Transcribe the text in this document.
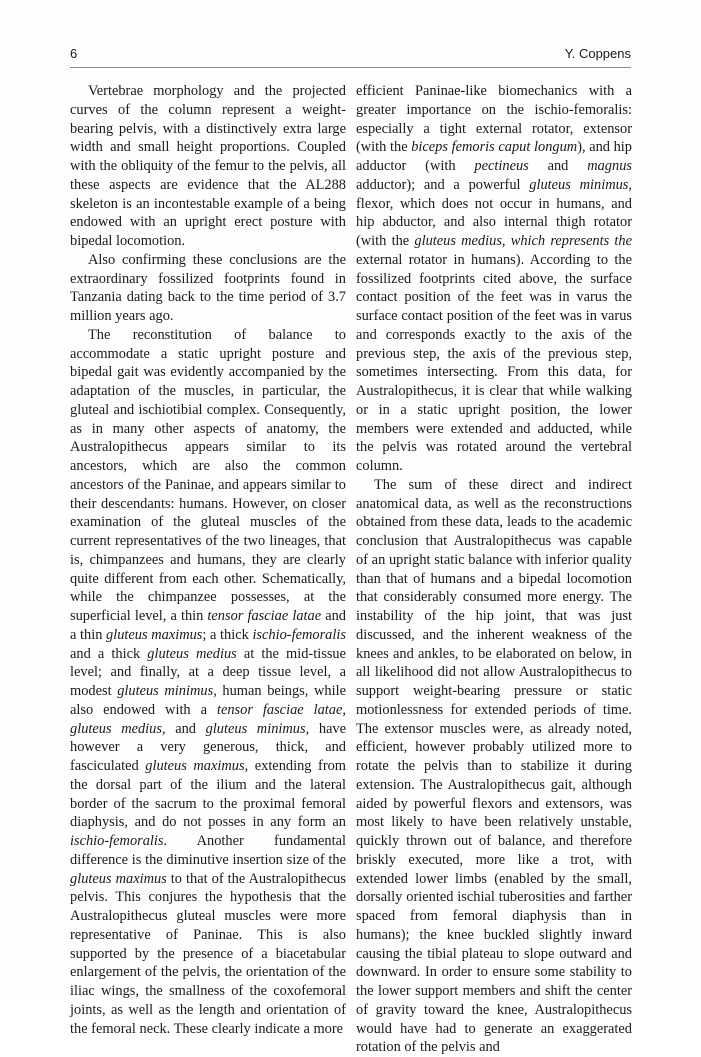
6	Y. Coppens

Vertebrae morphology and the projected curves of the column represent a weight-bearing pelvis, with a distinctively extra large width and small height proportions. Coupled with the obliquity of the femur to the pelvis, all these aspects are evidence that the AL288 skeleton is an incontestable example of a being endowed with an upright erect posture with bipedal locomotion.

Also confirming these conclusions are the extraordinary fossilized footprints found in Tanzania dating back to the time period of 3.7 million years ago.

The reconstitution of balance to accommodate a static upright posture and bipedal gait was evidently accompanied by the adaptation of the muscles, in particular, the gluteal and ischiotibial complex. Consequently, as in many other aspects of anatomy, the Australopithecus appears similar to its ancestors, which are also the common ancestors of the Paninae, and appears similar to their descendants: humans. However, on closer examination of the gluteal muscles of the current representatives of the two lineages, that is, chimpanzees and humans, they are clearly quite different from each other. Schematically, while the chimpanzee possesses, at the superficial level, a thin tensor fasciae latae and a thin gluteus maximus; a thick ischio-femoralis and a thick gluteus medius at the mid-tissue level; and finally, at a deep tissue level, a modest gluteus minimus, human beings, while also endowed with a tensor fasciae latae, gluteus medius, and gluteus minimus, have however a very generous, thick, and fasciculated gluteus maximus, extending from the dorsal part of the ilium and the lateral border of the sacrum to the proximal femoral diaphysis, and do not posses in any form an ischio-femoralis. Another fundamental difference is the diminutive insertion size of the gluteus maximus to that of the Australopithecus pelvis. This conjures the hypothesis that the Australopithecus gluteal muscles were more representative of Paninae. This is also supported by the presence of a biacetabular enlargement of the pelvis, the orientation of the iliac wings, the smallness of the coxofemoral joints, as well as the length and orientation of the femoral neck. These clearly indicate a more

efficient Paninae-like biomechanics with a greater importance on the ischio-femoralis: especially a tight external rotator, extensor (with the biceps femoris caput longum), and hip adductor (with pectineus and magnus adductor); and a powerful gluteus minimus, flexor, which does not occur in humans, and hip abductor, and also internal thigh rotator (with the gluteus medius, which represents the external rotator in humans). According to the fossilized footprints cited above, the surface contact position of the feet was in varus the surface contact position of the feet was in varus and corresponds exactly to the axis of the previous step, the axis of the previous step, sometimes intersecting. From this data, for Australopithecus, it is clear that while walking or in a static upright position, the lower members were extended and adducted, while the pelvis was rotated around the vertebral column.

The sum of these direct and indirect anatomical data, as well as the reconstructions obtained from these data, leads to the academic conclusion that Australopithecus was capable of an upright static balance with inferior quality than that of humans and a bipedal locomotion that considerably consumed more energy. The instability of the hip joint, that was just discussed, and the inherent weakness of the knees and ankles, to be elaborated on below, in all likelihood did not allow Australopithecus to support weight-bearing pressure or static motionlessness for extended periods of time. The extensor muscles were, as already noted, efficient, however probably utilized more to rotate the pelvis than to stabilize it during extension. The Australopithecus gait, although aided by powerful flexors and extensors, was most likely to have been relatively unstable, quickly thrown out of balance, and therefore briskly executed, more like a trot, with extended lower limbs (enabled by the small, dorsally oriented ischial tuberosities and farther spaced from femoral diaphysis than in humans); the knee buckled slightly inward causing the tibial plateau to slope outward and downward. In order to ensure some stability to the lower support members and shift the center of gravity toward the knee, Australopithecus would have had to generate an exaggerated rotation of the pelvis and
